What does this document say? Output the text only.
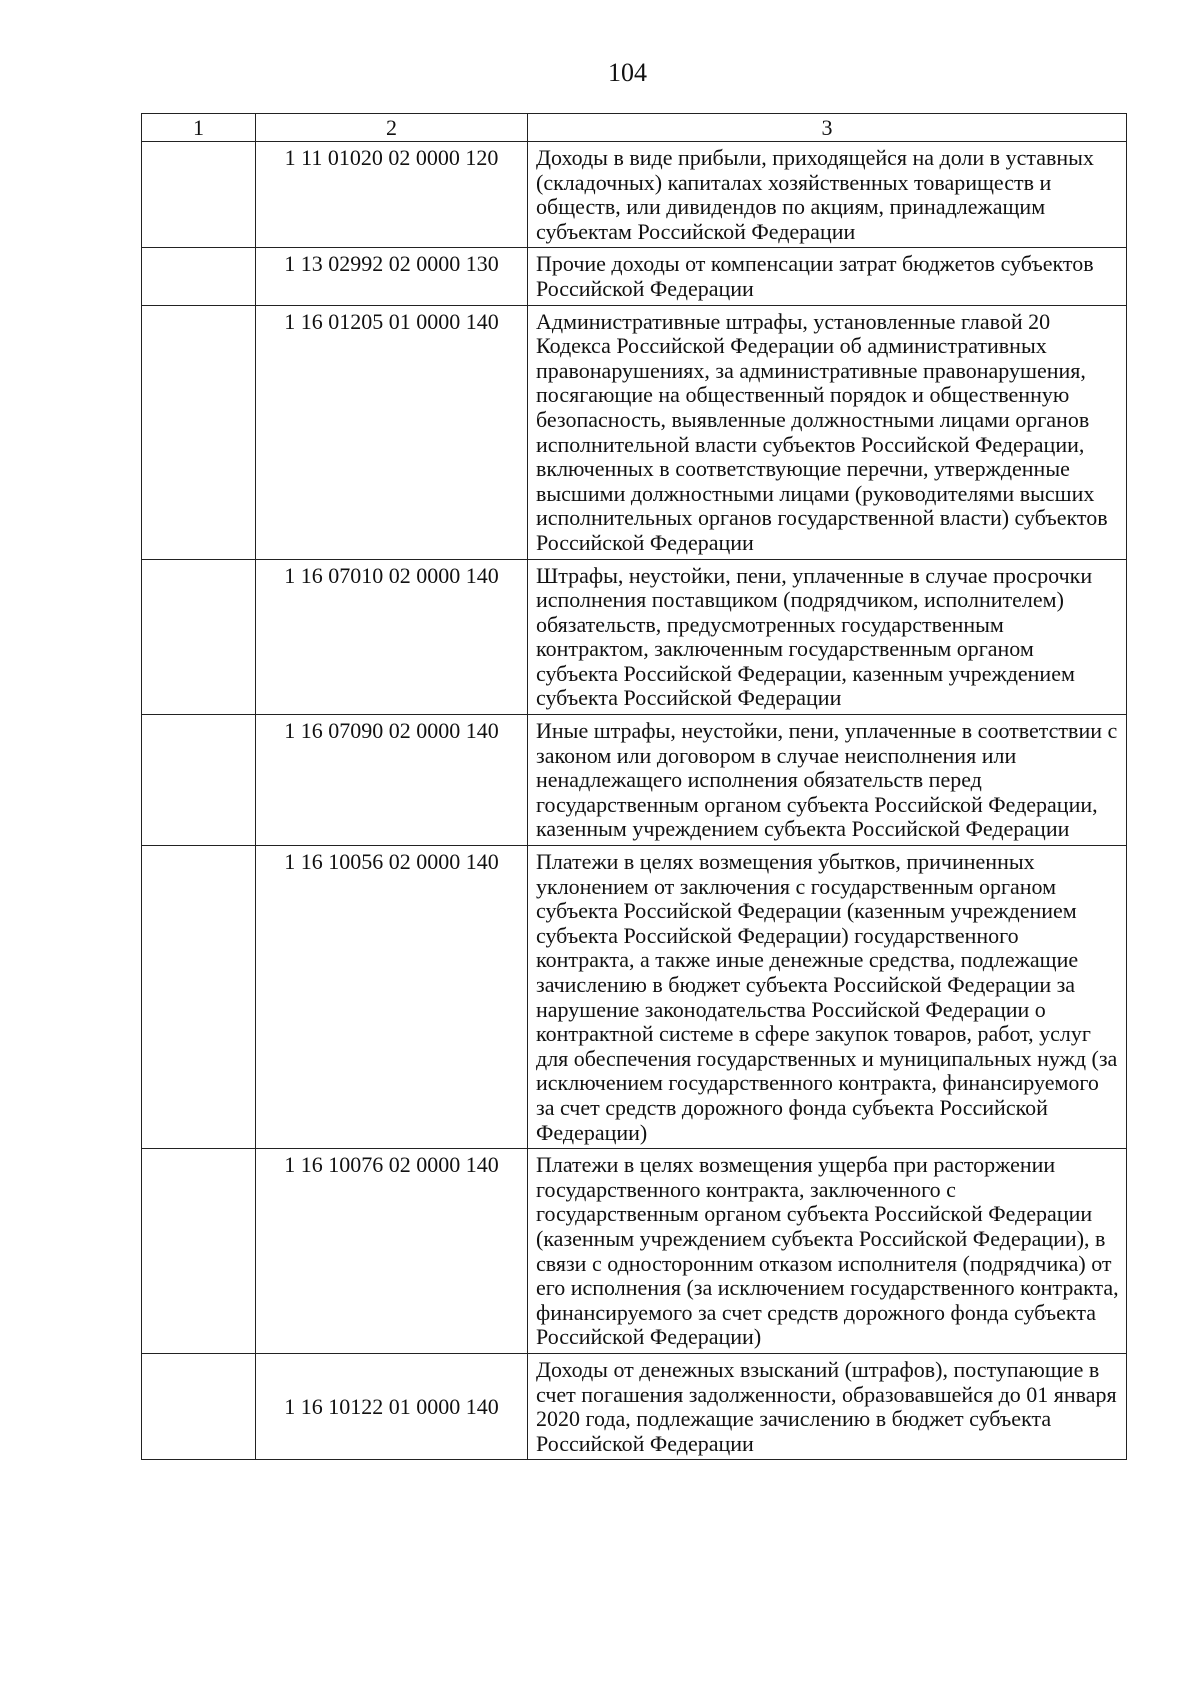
104
1	2	3
	1 11 01020 02 0000 120	Доходы в виде прибыли, приходящейся на доли в уставных (складочных) капиталах хозяйственных товариществ и обществ, или дивидендов по акциям, принадлежащим субъектам Российской Федерации
	1 13 02992 02 0000 130	Прочие доходы от компенсации затрат бюджетов субъектов Российской Федерации
	1 16 01205 01 0000 140	Административные штрафы, установленные главой 20 Кодекса Российской Федерации об административных правонарушениях, за административные правонарушения, посягающие на общественный порядок и общественную безопасность, выявленные должностными лицами органов исполнительной власти субъектов Российской Федерации, включенных в соответствующие перечни, утвержденные высшими должностными лицами (руководителями высших исполнительных органов государственной власти) субъектов Российской Федерации
	1 16 07010 02 0000 140	Штрафы, неустойки, пени, уплаченные в случае просрочки исполнения поставщиком (подрядчиком, исполнителем) обязательств, предусмотренных государственным контрактом, заключенным государственным органом субъекта Российской Федерации, казенным учреждением субъекта Российской Федерации
	1 16 07090 02 0000 140	Иные штрафы, неустойки, пени, уплаченные в соответствии с законом или договором в случае неисполнения или ненадлежащего исполнения обязательств перед государственным органом субъекта Российской Федерации, казенным учреждением субъекта Российской Федерации
	1 16 10056 02 0000 140	Платежи в целях возмещения убытков, причиненных уклонением от заключения с государственным органом субъекта Российской Федерации (казенным учреждением субъекта Российской Федерации) государственного контракта, а также иные денежные средства, подлежащие зачислению в бюджет субъекта Российской Федерации за нарушение законодательства Российской Федерации о контрактной системе в сфере закупок товаров, работ, услуг для обеспечения государственных и муниципальных нужд (за исключением государственного контракта, финансируемого за счет средств дорожного фонда субъекта Российской Федерации)
	1 16 10076 02 0000 140	Платежи в целях возмещения ущерба при расторжении государственного контракта, заключенного с государственным органом субъекта Российской Федерации (казенным учреждением субъекта Российской Федерации), в связи с односторонним отказом исполнителя (подрядчика) от его исполнения (за исключением государственного контракта, финансируемого за счет средств дорожного фонда субъекта Российской Федерации)
	1 16 10122 01 0000 140	Доходы от денежных взысканий (штрафов), поступающие в счет погашения задолженности, образовавшейся до 01 января 2020 года, подлежащие зачислению в бюджет субъекта Российской Федерации
